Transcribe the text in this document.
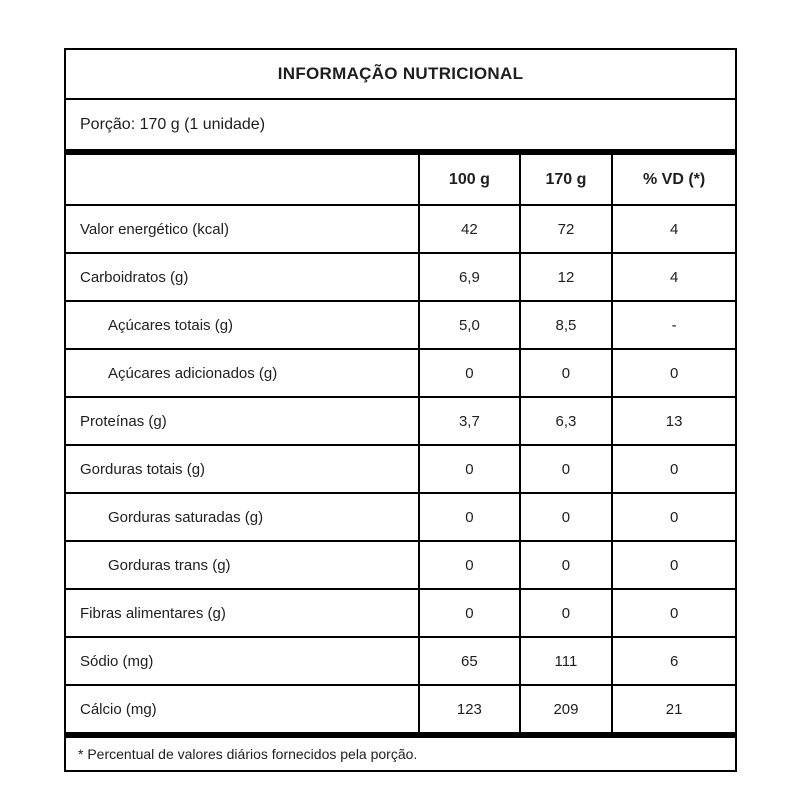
INFORMAÇÃO NUTRICIONAL			
Porção: 170 g (1 unidade)			
	100 g	170 g	% VD (*)
Valor energético (kcal)	42	72	4
Carboidratos (g)	6,9	12	4
Açúcares totais (g)	5,0	8,5	-
Açúcares adicionados (g)	0	0	0
Proteínas (g)	3,7	6,3	13
Gorduras totais (g)	0	0	0
Gorduras saturadas (g)	0	0	0
Gorduras trans (g)	0	0	0
Fibras alimentares (g)	0	0	0
Sódio (mg)	65	111	6
Cálcio (mg)	123	209	21
* Percentual de valores diários fornecidos pela porção.			
